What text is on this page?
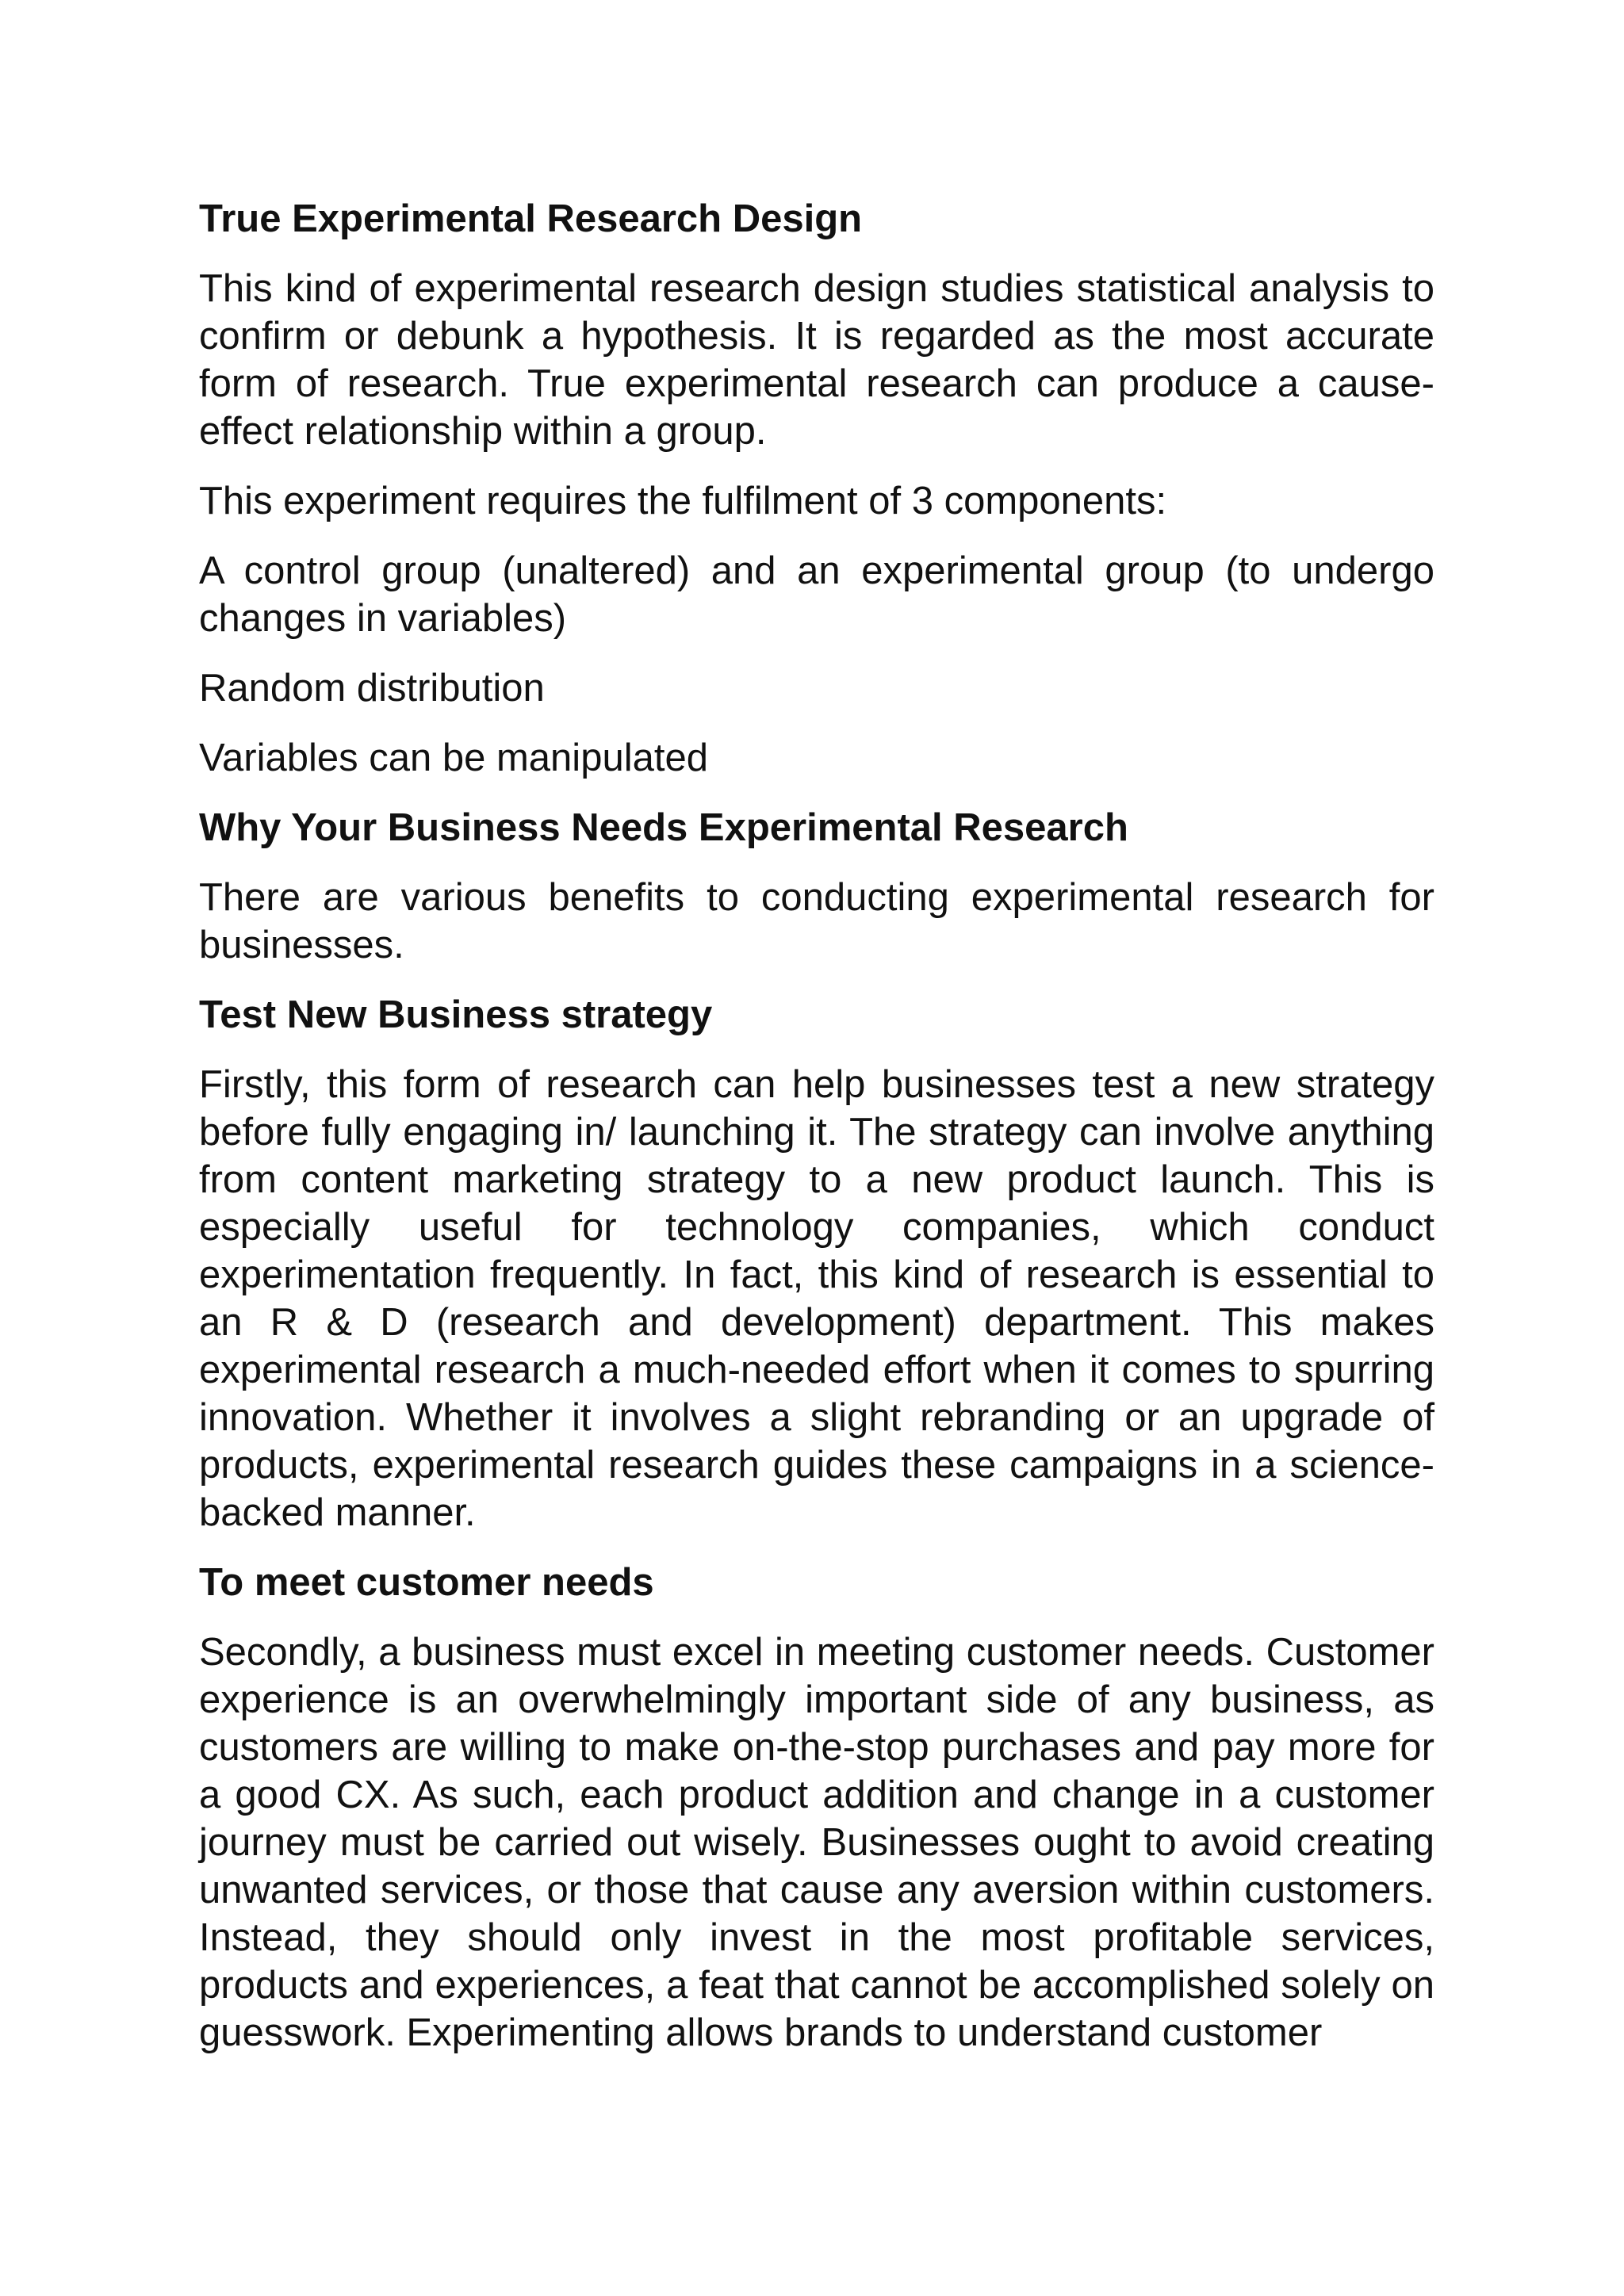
True Experimental Research Design

This kind of experimental research design studies statistical analysis to confirm or debunk a hypothesis. It is regarded as the most accurate form of research. True experimental research can produce a cause-effect relationship within a group.

This experiment requires the fulfilment of 3 components:

A control group (unaltered) and an experimental group (to undergo changes in variables)

Random distribution

Variables can be manipulated

Why Your Business Needs Experimental Research

There are various benefits to conducting experimental research for businesses.

Test New Business strategy

Firstly, this form of research can help businesses test a new strategy before fully engaging in/ launching it. The strategy can involve anything from content marketing strategy to a new product launch. This is especially useful for technology companies, which conduct experimentation frequently. In fact, this kind of research is essential to an R & D (research and development) department. This makes experimental research a much-needed effort when it comes to spurring innovation. Whether it involves a slight rebranding or an upgrade of products, experimental research guides these campaigns in a science-backed manner.

To meet customer needs

Secondly, a business must excel in meeting customer needs. Customer experience is an overwhelmingly important side of any business, as customers are willing to make on-the-stop purchases and pay more for a good CX. As such, each product addition and change in a customer journey must be carried out wisely. Businesses ought to avoid creating unwanted services, or those that cause any aversion within customers. Instead, they should only invest in the most profitable services, products and experiences, a feat that cannot be accomplished solely on guesswork. Experimenting allows brands to understand customer
